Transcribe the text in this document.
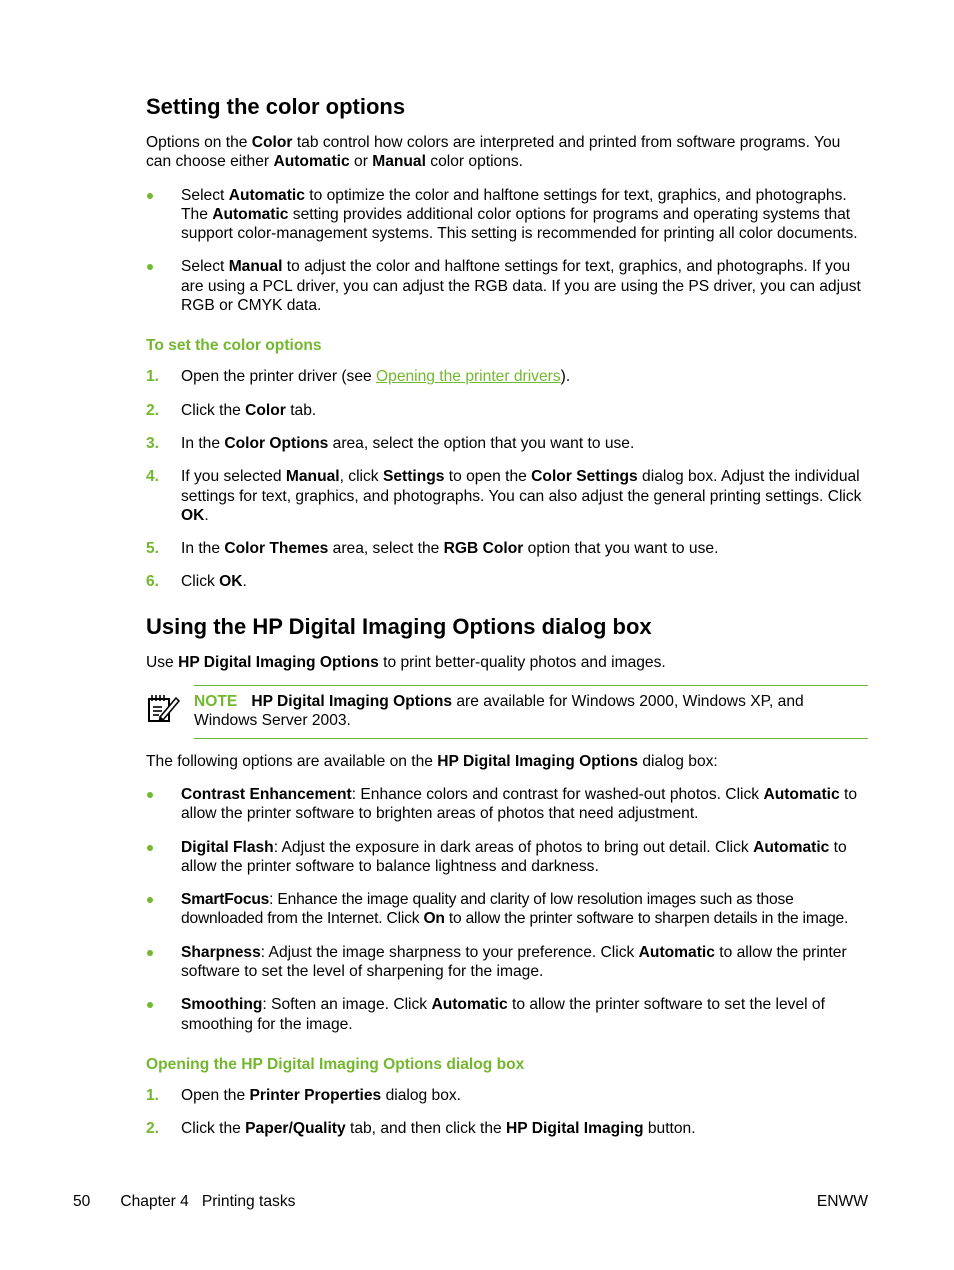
Setting the color options

Options on the Color tab control how colors are interpreted and printed from software programs. You can choose either Automatic or Manual color options.

Select Automatic to optimize the color and halftone settings for text, graphics, and photographs. The Automatic setting provides additional color options for programs and operating systems that support color-management systems. This setting is recommended for printing all color documents.
Select Manual to adjust the color and halftone settings for text, graphics, and photographs. If you are using a PCL driver, you can adjust the RGB data. If you are using the PS driver, you can adjust RGB or CMYK data.
To set the color options
1. Open the printer driver (see Opening the printer drivers).
2. Click the Color tab.
3. In the Color Options area, select the option that you want to use.
4. If you selected Manual, click Settings to open the Color Settings dialog box. Adjust the individual settings for text, graphics, and photographs. You can also adjust the general printing settings. Click OK.
5. In the Color Themes area, select the RGB Color option that you want to use.
6. Click OK.
Using the HP Digital Imaging Options dialog box

Use HP Digital Imaging Options to print better-quality photos and images.

NOTE HP Digital Imaging Options are available for Windows 2000, Windows XP, and Windows Server 2003.

The following options are available on the HP Digital Imaging Options dialog box:

Contrast Enhancement: Enhance colors and contrast for washed-out photos. Click Automatic to allow the printer software to brighten areas of photos that need adjustment.
Digital Flash: Adjust the exposure in dark areas of photos to bring out detail. Click Automatic to allow the printer software to balance lightness and darkness.
SmartFocus: Enhance the image quality and clarity of low resolution images such as those downloaded from the Internet. Click On to allow the printer software to sharpen details in the image.
Sharpness: Adjust the image sharpness to your preference. Click Automatic to allow the printer software to set the level of sharpening for the image.
Smoothing: Soften an image. Click Automatic to allow the printer software to set the level of smoothing for the image.
Opening the HP Digital Imaging Options dialog box
1. Open the Printer Properties dialog box.
2. Click the Paper/Quality tab, and then click the HP Digital Imaging button.
50 Chapter 4   Printing tasks	ENWW
